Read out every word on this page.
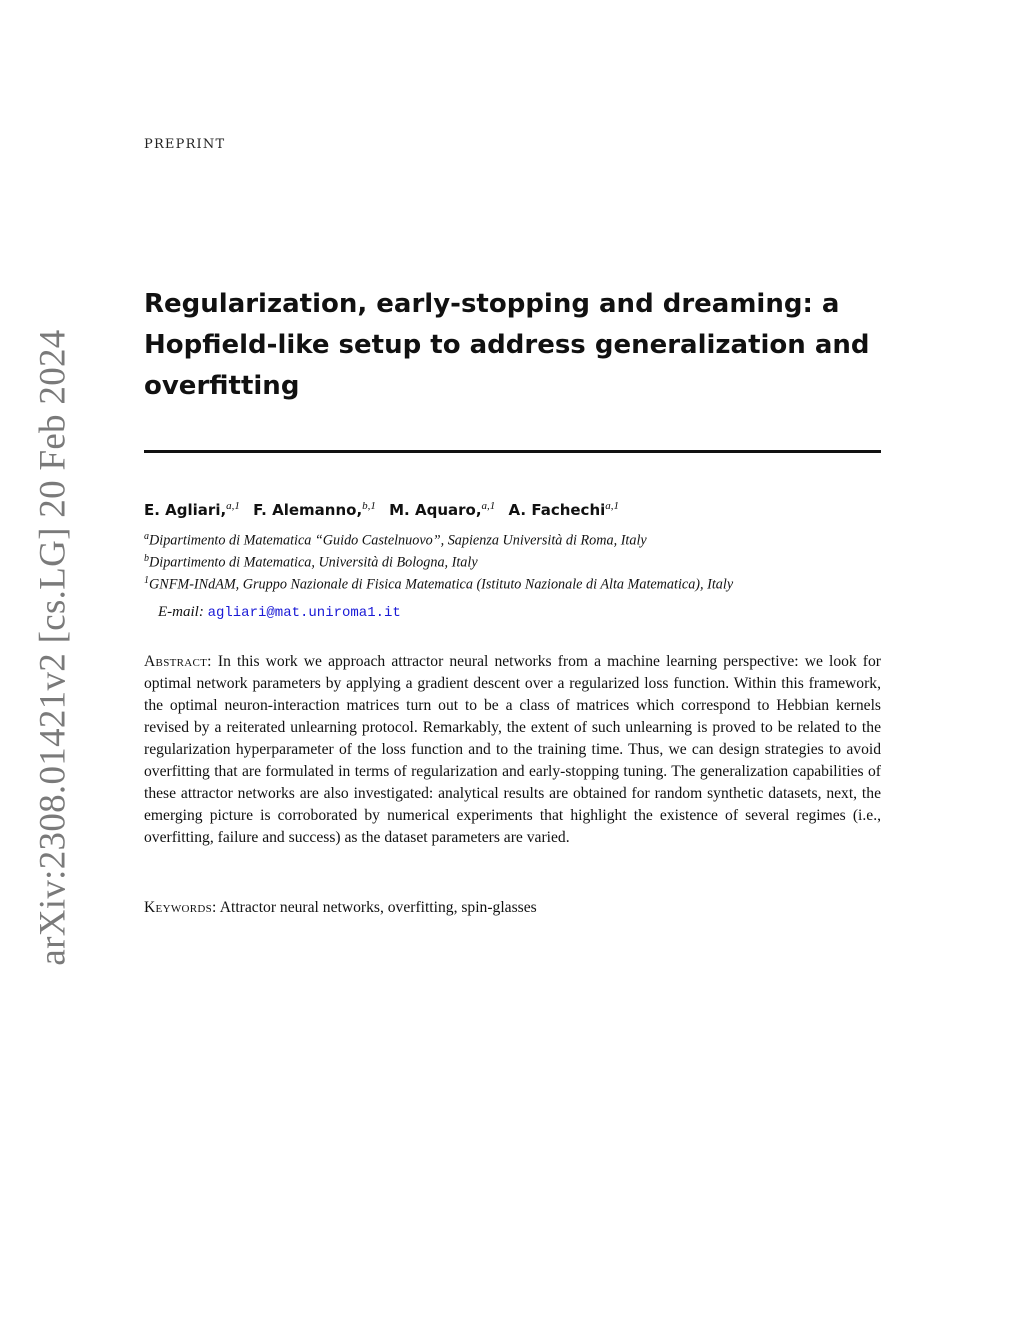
arXiv:2308.01421v2 [cs.LG] 20 Feb 2024
PREPRINT
Regularization, early-stopping and dreaming: a
Hopfield-like setup to address generalization and
overfitting
E. Agliari,$^{a,1}$ F. Alemanno,$^{b,1}$ M. Aquaro,$^{a,1}$ A. Fachechi$^{a,1}$
$^a$Dipartimento di Matematica “Guido Castelnuovo”, Sapienza Università di Roma, Italy
$^b$Dipartimento di Matematica, Università di Bologna, Italy
$^1$GNFM-INdAM, Gruppo Nazionale di Fisica Matematica (Istituto Nazionale di Alta Matematica), Italy
E-mail: agliari@mat.uniroma1.it

Abstract: In this work we approach attractor neural networks from a machine learning perspective: we look for optimal network parameters by applying a gradient descent over a regularized loss function. Within this framework, the optimal neuron-interaction matrices turn out to be a class of matrices which correspond to Hebbian kernels revised by a reiterated unlearning protocol. Remarkably, the extent of such unlearning is proved to be related to the regularization hyperparameter of the loss function and to the training time. Thus, we can design strategies to avoid overfitting that are formulated in terms of regularization and early-stopping tuning. The generalization capabilities of these attractor networks are also investigated: analytical results are obtained for random synthetic datasets, next, the emerging picture is corroborated by numerical experiments that highlight the existence of several regimes (i.e., overfitting, failure and success) as the dataset parameters are varied.

Keywords: Attractor neural networks, overfitting, spin-glasses
